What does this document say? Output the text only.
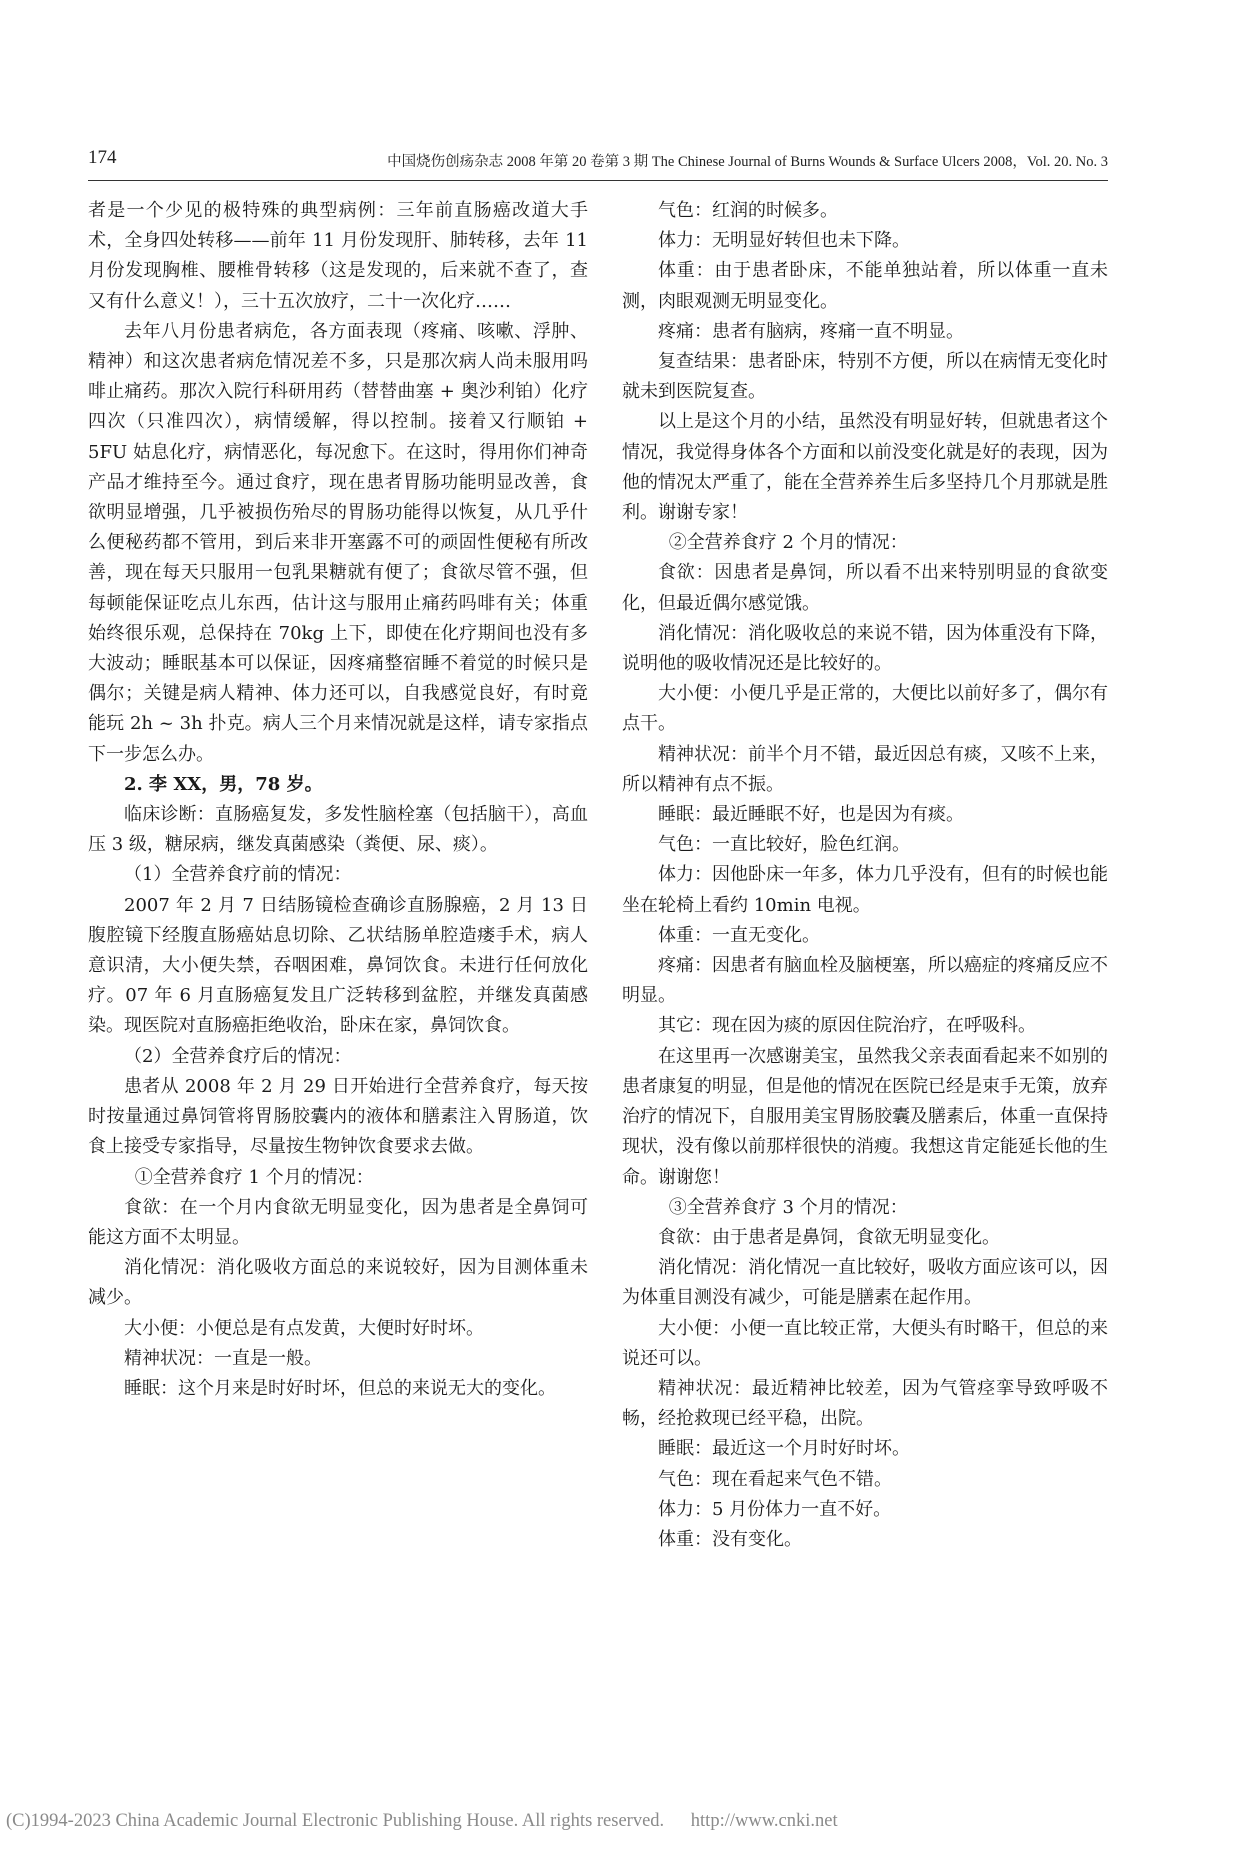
174	中国烧伤创疡杂志 2008 年第 20 卷第 3 期 The Chinese Journal of Burns Wounds & Surface Ulcers 2008，Vol. 20. No. 3

者是一个少见的极特殊的典型病例：三年前直肠癌改道大手术，全身四处转移——前年 11 月份发现肝、肺转移，去年 11 月份发现胸椎、腰椎骨转移（这是发现的，后来就不查了，查又有什么意义！），三十五次放疗，二十一次化疗……

去年八月份患者病危，各方面表现（疼痛、咳嗽、浮肿、精神）和这次患者病危情况差不多，只是那次病人尚未服用吗啡止痛药。那次入院行科研用药（替替曲塞 + 奥沙利铂）化疗四次（只准四次），病情缓解，得以控制。接着又行顺铂 + 5FU 姑息化疗，病情恶化，每况愈下。在这时，得用你们神奇产品才维持至今。通过食疗，现在患者胃肠功能明显改善，食欲明显增强，几乎被损伤殆尽的胃肠功能得以恢复，从几乎什么便秘药都不管用，到后来非开塞露不可的顽固性便秘有所改善，现在每天只服用一包乳果糖就有便了；食欲尽管不强，但每顿能保证吃点儿东西，估计这与服用止痛药吗啡有关；体重始终很乐观，总保持在 70kg 上下，即使在化疗期间也没有多大波动；睡眠基本可以保证，因疼痛整宿睡不着觉的时候只是偶尔；关键是病人精神、体力还可以，自我感觉良好，有时竟能玩 2h ~ 3h 扑克。病人三个月来情况就是这样，请专家指点下一步怎么办。

2. 李 XX，男，78 岁。

临床诊断：直肠癌复发，多发性脑栓塞（包括脑干），高血压 3 级，糖尿病，继发真菌感染（粪便、尿、痰）。

（1）全营养食疗前的情况：

2007 年 2 月 7 日结肠镜检查确诊直肠腺癌，2 月 13 日腹腔镜下经腹直肠癌姑息切除、乙状结肠单腔造瘘手术，病人意识清，大小便失禁，吞咽困难，鼻饲饮食。未进行任何放化疗。07 年 6 月直肠癌复发且广泛转移到盆腔，并继发真菌感染。现医院对直肠癌拒绝收治，卧床在家，鼻饲饮食。

（2）全营养食疗后的情况：

患者从 2008 年 2 月 29 日开始进行全营养食疗，每天按时按量通过鼻饲管将胃肠胶囊内的液体和膳素注入胃肠道，饮食上接受专家指导，尽量按生物钟饮食要求去做。

①全营养食疗 1 个月的情况：

食欲：在一个月内食欲无明显变化，因为患者是全鼻饲可能这方面不太明显。

消化情况：消化吸收方面总的来说较好，因为目测体重未减少。

大小便：小便总是有点发黄，大便时好时坏。

精神状况：一直是一般。

睡眠：这个月来是时好时坏，但总的来说无大的变化。

气色：红润的时候多。

体力：无明显好转但也未下降。

体重：由于患者卧床，不能单独站着，所以体重一直未测，肉眼观测无明显变化。

疼痛：患者有脑病，疼痛一直不明显。

复查结果：患者卧床，特别不方便，所以在病情无变化时就未到医院复查。

以上是这个月的小结，虽然没有明显好转，但就患者这个情况，我觉得身体各个方面和以前没变化就是好的表现，因为他的情况太严重了，能在全营养养生后多坚持几个月那就是胜利。谢谢专家！

②全营养食疗 2 个月的情况：

食欲：因患者是鼻饲，所以看不出来特别明显的食欲变化，但最近偶尔感觉饿。

消化情况：消化吸收总的来说不错，因为体重没有下降，说明他的吸收情况还是比较好的。

大小便：小便几乎是正常的，大便比以前好多了，偶尔有点干。

精神状况：前半个月不错，最近因总有痰，又咳不上来，所以精神有点不振。

睡眠：最近睡眠不好，也是因为有痰。

气色：一直比较好，脸色红润。

体力：因他卧床一年多，体力几乎没有，但有的时候也能坐在轮椅上看约 10min 电视。

体重：一直无变化。

疼痛：因患者有脑血栓及脑梗塞，所以癌症的疼痛反应不明显。

其它：现在因为痰的原因住院治疗，在呼吸科。

在这里再一次感谢美宝，虽然我父亲表面看起来不如别的患者康复的明显，但是他的情况在医院已经是束手无策，放弃治疗的情况下，自服用美宝胃肠胶囊及膳素后，体重一直保持现状，没有像以前那样很快的消瘦。我想这肯定能延长他的生命。谢谢您！

③全营养食疗 3 个月的情况：

食欲：由于患者是鼻饲，食欲无明显变化。

消化情况：消化情况一直比较好，吸收方面应该可以，因为体重目测没有减少，可能是膳素在起作用。

大小便：小便一直比较正常，大便头有时略干，但总的来说还可以。

精神状况：最近精神比较差，因为气管痉挛导致呼吸不畅，经抢救现已经平稳，出院。

睡眠：最近这一个月时好时坏。

气色：现在看起来气色不错。

体力：5 月份体力一直不好。

体重：没有变化。

(C)1994-2023 China Academic Journal Electronic Publishing House. All rights reserved. http://www.cnki.net
